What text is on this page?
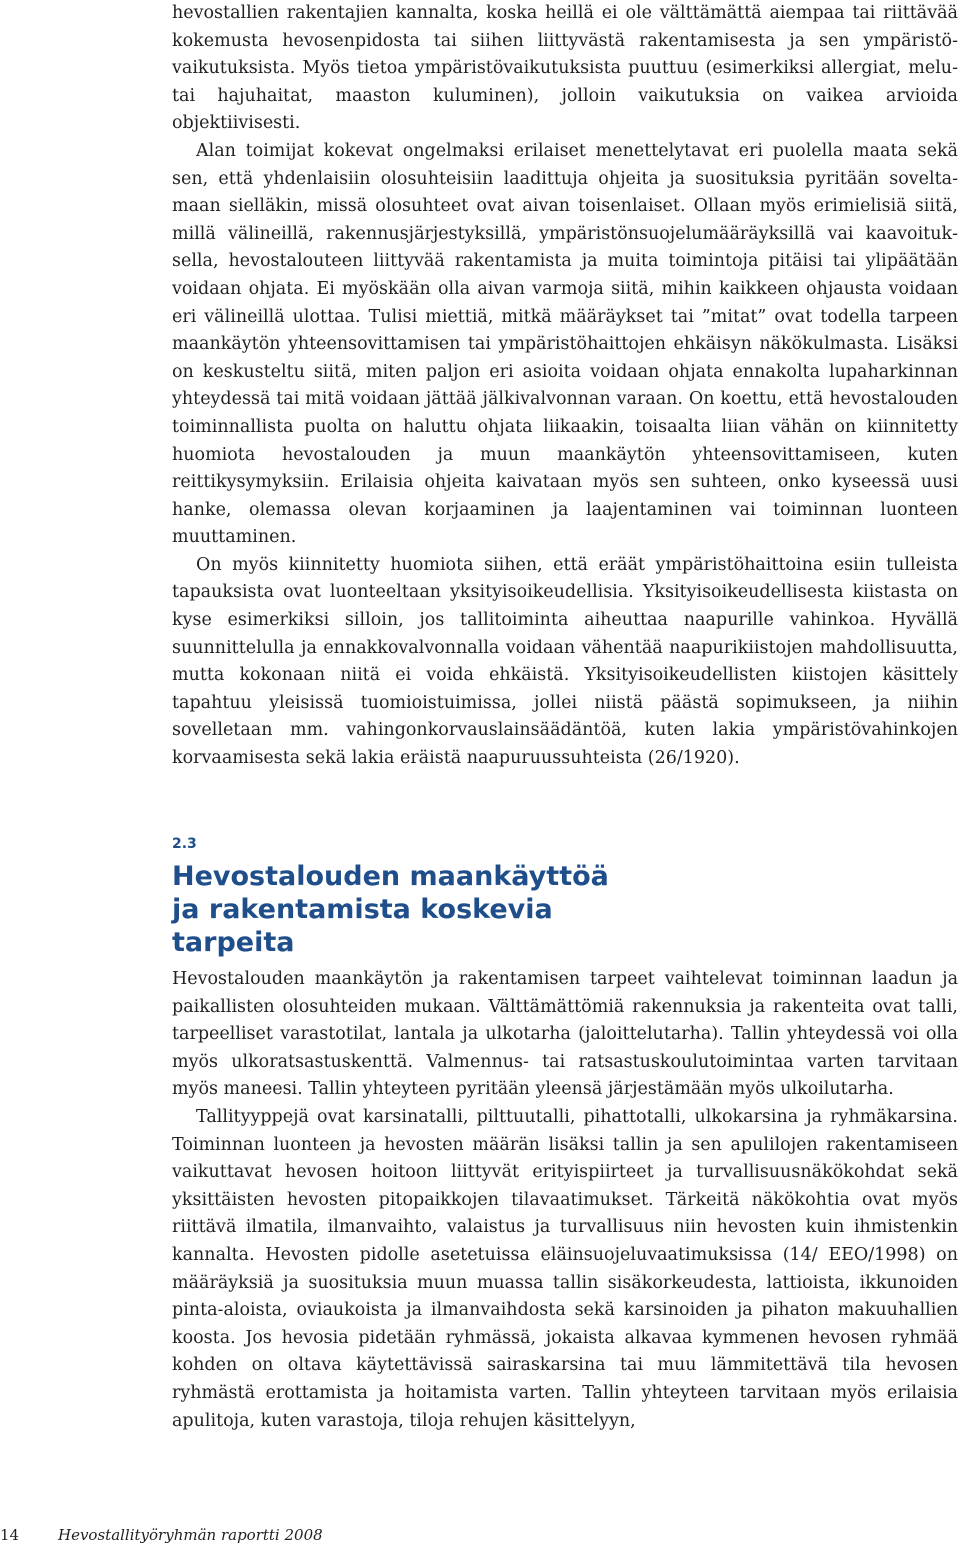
hevostallien rakentajien kannalta, koska heillä ei ole välttämättä aiempaa tai riittävää kokemusta hevosenpidosta tai siihen liittyvästä rakentamisesta ja sen ympäristövaikutuksista. Myös tietoa ympäristövaikutuksista puuttuu (esimerkiksi allergiat, melu- tai hajuhaitat, maaston kuluminen), jolloin vaikutuksia on vaikea arvioida objektiivisesti.

Alan toimijat kokevat ongelmaksi erilaiset menettelytavat eri puolella maata sekä sen, että yhdenlaisiin olosuhteisiin laadittuja ohjeita ja suosituksia pyritään soveltamaan sielläkin, missä olosuhteet ovat aivan toisenlaiset. Ollaan myös erimielisiä siitä, millä välineillä, rakennusjärjestyksillä, ympäristönsuojelumääräyksillä vai kaavoituksella, hevostalouteen liittyvää rakentamista ja muita toimintoja pitäisi tai ylipäätään voidaan ohjata. Ei myöskään olla aivan varmoja siitä, mihin kaikkeen ohjausta voidaan eri välineillä ulottaa. Tulisi miettiä, mitkä määräykset tai ”mitat” ovat todella tarpeen maankäytön yhteensovittamisen tai ympäristöhaittojen ehkäisyn näkökulmasta. Lisäksi on keskusteltu siitä, miten paljon eri asioita voidaan ohjata ennakolta lupaharkinnan yhteydessä tai mitä voidaan jättää jälkivalvonnan varaan. On koettu, että hevostalouden toiminnallista puolta on haluttu ohjata liikaakin, toisaalta liian vähän on kiinnitetty huomiota hevostalouden ja muun maankäytön yhteensovittamiseen, kuten reittikysymyksiin. Erilaisia ohjeita kaivataan myös sen suhteen, onko kyseessä uusi hanke, olemassa olevan korjaaminen ja laajentaminen vai toiminnan luonteen muuttaminen.

On myös kiinnitetty huomiota siihen, että eräät ympäristöhaittoina esiin tulleista tapauksista ovat luonteeltaan yksityisoikeudellisia. Yksityisoikeudellisesta kiistasta on kyse esimerkiksi silloin, jos tallitoiminta aiheuttaa naapurille vahinkoa. Hyvällä suunnittelulla ja ennakkovalvonnalla voidaan vähentää naapurikiistojen mahdollisuutta, mutta kokonaan niitä ei voida ehkäistä. Yksityisoikeudellisten kiistojen käsittely tapahtuu yleisissä tuomioistuimissa, jollei niistä päästä sopimukseen, ja niihin sovelletaan mm. vahingonkorvauslainsäädäntöä, kuten lakia ympäristövahinkojen korvaamisesta sekä lakia eräistä naapuruussuhteista (26/1920).

2.3

Hevostalouden maankäyttöä ja rakentamista koskevia tarpeita

Hevostalouden maankäytön ja rakentamisen tarpeet vaihtelevat toiminnan laadun ja paikallisten olosuhteiden mukaan. Välttämättömiä rakennuksia ja rakenteita ovat talli, tarpeelliset varastotilat, lantala ja ulkotarha (jaloittelutarha). Tallin yhteydessä voi olla myös ulkoratsastuskenttä. Valmennus- tai ratsastuskoulutoimintaa varten tarvitaan myös maneesi. Tallin yhteyteen pyritään yleensä järjestämään myös ulkoilutarha.

Tallityyppejä ovat karsinatalli, pilttuutalli, pihattotalli, ulkokarsina ja ryhmäkarsina. Toiminnan luonteen ja hevosten määrän lisäksi tallin ja sen apulilojen rakentamiseen vaikuttavat hevosen hoitoon liittyvät erityispiirteet ja turvallisuusnäkökohdat sekä yksittäisten hevosten pitopaikkojen tilavaatimukset. Tärkeitä näkökohtia ovat myös riittävä ilmatila, ilmanvaihto, valaistus ja turvallisuus niin hevosten kuin ihmistenkin kannalta. Hevosten pidolle asetetuissa eläinsuojeluvaatimuksissa (14/ EEO/1998) on määräyksiä ja suosituksia muun muassa tallin sisäkorkeudesta, lattioista, ikkunoiden pinta-aloista, oviaukoista ja ilmanvaihdosta sekä karsinoiden ja pihaton makuuhallien koosta. Jos hevosia pidetään ryhmässä, jokaista alkavaa kymmenen hevosen ryhmää kohden on oltava käytettävissä sairaskarsina tai muu lämmitettävä tila hevosen ryhmästä erottamista ja hoitamista varten. Tallin yhteyteen tarvitaan myös erilaisia apulitoja, kuten varastoja, tiloja rehujen käsittelyyn,

14	Hevostallityöryhmän raportti 2008
